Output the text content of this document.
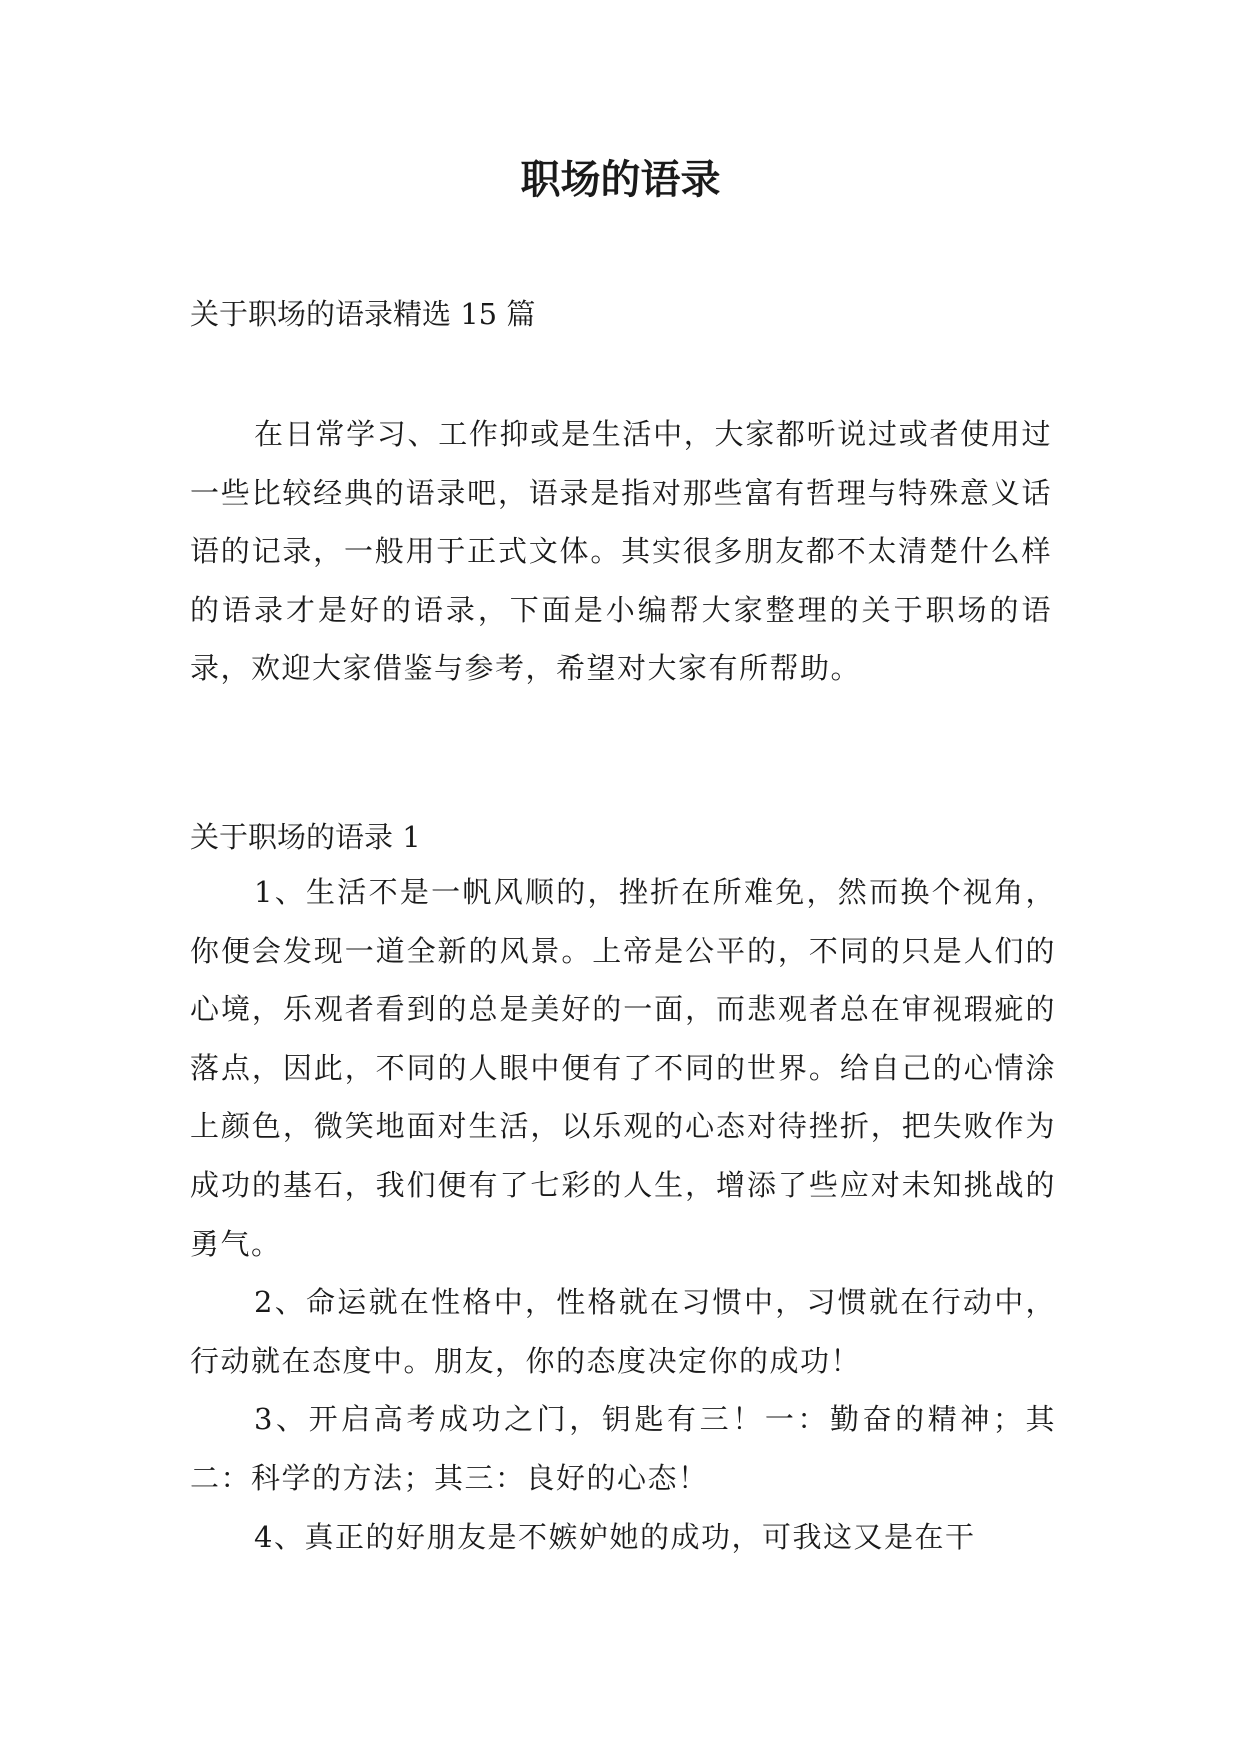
职场的语录

关于职场的语录精选 15 篇

在日常学习、工作抑或是生活中，大家都听说过或者使用过一些比较经典的语录吧，语录是指对那些富有哲理与特殊意义话语的记录，一般用于正式文体。其实很多朋友都不太清楚什么样的语录才是好的语录，下面是小编帮大家整理的关于职场的语录，欢迎大家借鉴与参考，希望对大家有所帮助。

关于职场的语录 1

1、生活不是一帆风顺的，挫折在所难免，然而换个视角，你便会发现一道全新的风景。上帝是公平的，不同的只是人们的心境，乐观者看到的总是美好的一面，而悲观者总在审视瑕疵的落点，因此，不同的人眼中便有了不同的世界。给自己的心情涂上颜色，微笑地面对生活，以乐观的心态对待挫折，把失败作为成功的基石，我们便有了七彩的人生，增添了些应对未知挑战的勇气。

2、命运就在性格中，性格就在习惯中，习惯就在行动中，行动就在态度中。朋友，你的态度决定你的成功！

3、开启高考成功之门，钥匙有三！一：勤奋的精神；其二：科学的方法；其三：良好的心态！

4、真正的好朋友是不嫉妒她的成功，可我这又是在干
